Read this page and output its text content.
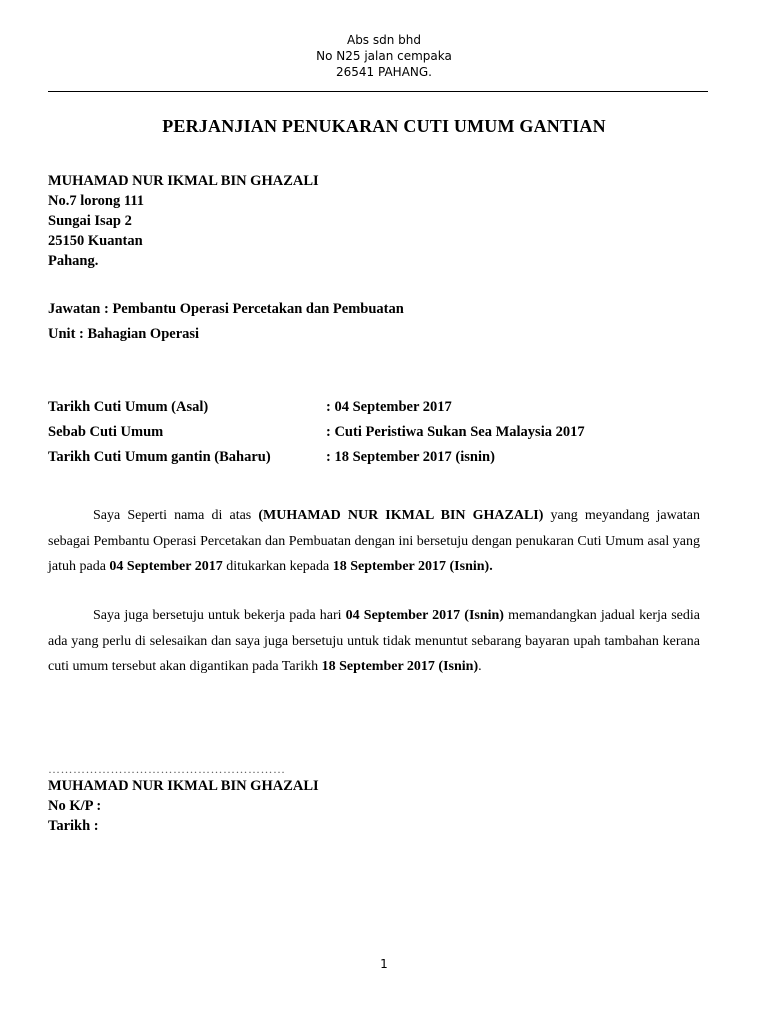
Abs sdn bhd
No N25 jalan cempaka
26541 PAHANG.
PERJANJIAN PENUKARAN CUTI UMUM GANTIAN
MUHAMAD NUR IKMAL BIN GHAZALI
No.7 lorong 111
Sungai Isap 2
25150 Kuantan
Pahang.
Jawatan : Pembantu Operasi Percetakan dan Pembuatan
Unit : Bahagian Operasi
Tarikh Cuti Umum (Asal)	: 04 September 2017
Sebab Cuti Umum	: Cuti Peristiwa Sukan Sea Malaysia 2017
Tarikh Cuti Umum gantin (Baharu)	: 18 September 2017 (isnin)

Saya Seperti nama di atas (MUHAMAD NUR IKMAL BIN GHAZALI) yang meyandang jawatan sebagai Pembantu Operasi Percetakan dan Pembuatan dengan ini bersetuju dengan penukaran Cuti Umum asal yang jatuh pada 04 September 2017 ditukarkan kepada 18 September 2017 (Isnin).

Saya juga bersetuju untuk bekerja pada hari 04 September 2017 (Isnin) memandangkan jadual kerja sedia ada yang perlu di selesaikan dan saya juga bersetuju untuk tidak menuntut sebarang bayaran upah tambahan kerana cuti umum tersebut akan digantikan pada Tarikh 18 September 2017 (Isnin).

…………………………………………………
MUHAMAD NUR IKMAL BIN GHAZALI
No K/P :
Tarikh :
1
